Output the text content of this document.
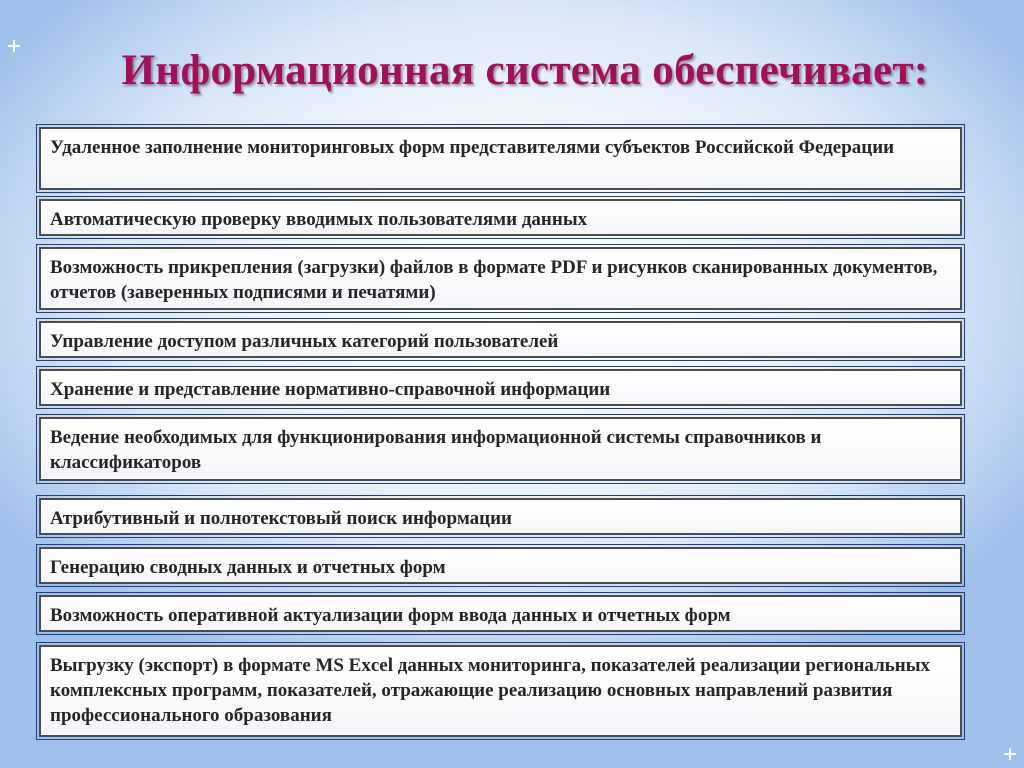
Информационная система обеспечивает:
Удаленное заполнение мониторинговых форм представителями субъектов Российской Федерации
Автоматическую проверку вводимых пользователями данных
Возможность прикрепления (загрузки) файлов в формате PDF и рисунков сканированных документов, отчетов (заверенных подписями и печатями)
Управление доступом различных категорий пользователей
Хранение и представление нормативно-справочной информации
Ведение необходимых для функционирования информационной системы справочников и классификаторов
Атрибутивный и полнотекстовый поиск информации
Генерацию сводных данных и отчетных форм
Возможность оперативной актуализации форм ввода данных и отчетных форм
Выгрузку (экспорт) в формате MS Excel данных мониторинга, показателей реализации региональных комплексных программ, показателей, отражающие реализацию основных направлений развития профессионального образования
